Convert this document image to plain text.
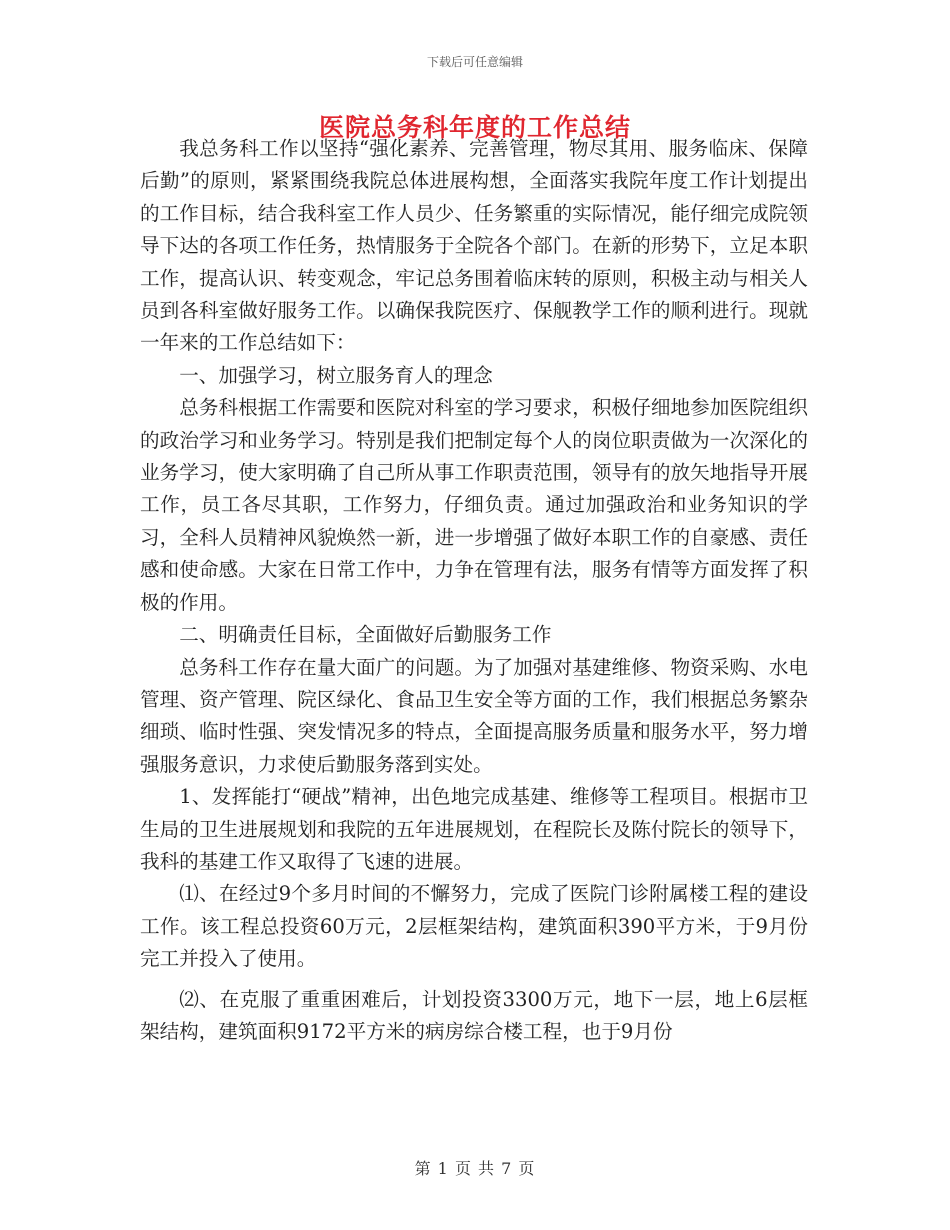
下载后可任意编辑
医院总务科年度的工作总结

我总务科工作以坚持“强化素养、完善管理，物尽其用、服务临床、保障后勤”的原则，紧紧围绕我院总体进展构想，全面落实我院年度工作计划提出的工作目标，结合我科室工作人员少、任务繁重的实际情况，能仔细完成院领导下达的各项工作任务，热情服务于全院各个部门。在新的形势下，立足本职工作，提高认识、转变观念，牢记总务围着临床转的原则，积极主动与相关人员到各科室做好服务工作。以确保我院医疗、保舰教学工作的顺利进行。现就一年来的工作总结如下：

一、加强学习，树立服务育人的理念

总务科根据工作需要和医院对科室的学习要求，积极仔细地参加医院组织的政治学习和业务学习。特别是我们把制定每个人的岗位职责做为一次深化的业务学习，使大家明确了自己所从事工作职责范围，领导有的放矢地指导开展工作，员工各尽其职，工作努力，仔细负责。通过加强政治和业务知识的学习，全科人员精神风貌焕然一新，进一步增强了做好本职工作的自豪感、责任感和使命感。大家在日常工作中，力争在管理有法，服务有情等方面发挥了积极的作用。

二、明确责任目标，全面做好后勤服务工作

总务科工作存在量大面广的问题。为了加强对基建维修、物资采购、水电管理、资产管理、院区绿化、食品卫生安全等方面的工作，我们根据总务繁杂细琐、临时性强、突发情况多的特点，全面提高服务质量和服务水平，努力增强服务意识，力求使后勤服务落到实处。

1、发挥能打“硬战”精神，出色地完成基建、维修等工程项目。根据市卫生局的卫生进展规划和我院的五年进展规划，在程院长及陈付院长的领导下，我科的基建工作又取得了飞速的进展。

⑴、在经过9个多月时间的不懈努力，完成了医院门诊附属楼工程的建设工作。该工程总投资60万元，2层框架结构，建筑面积390平方米，于9月份完工并投入了使用。

⑵、在克服了重重困难后，计划投资3300万元，地下一层，地上6层框架结构，建筑面积9172平方米的病房综合楼工程，也于9月份

第 1 页 共 7 页
